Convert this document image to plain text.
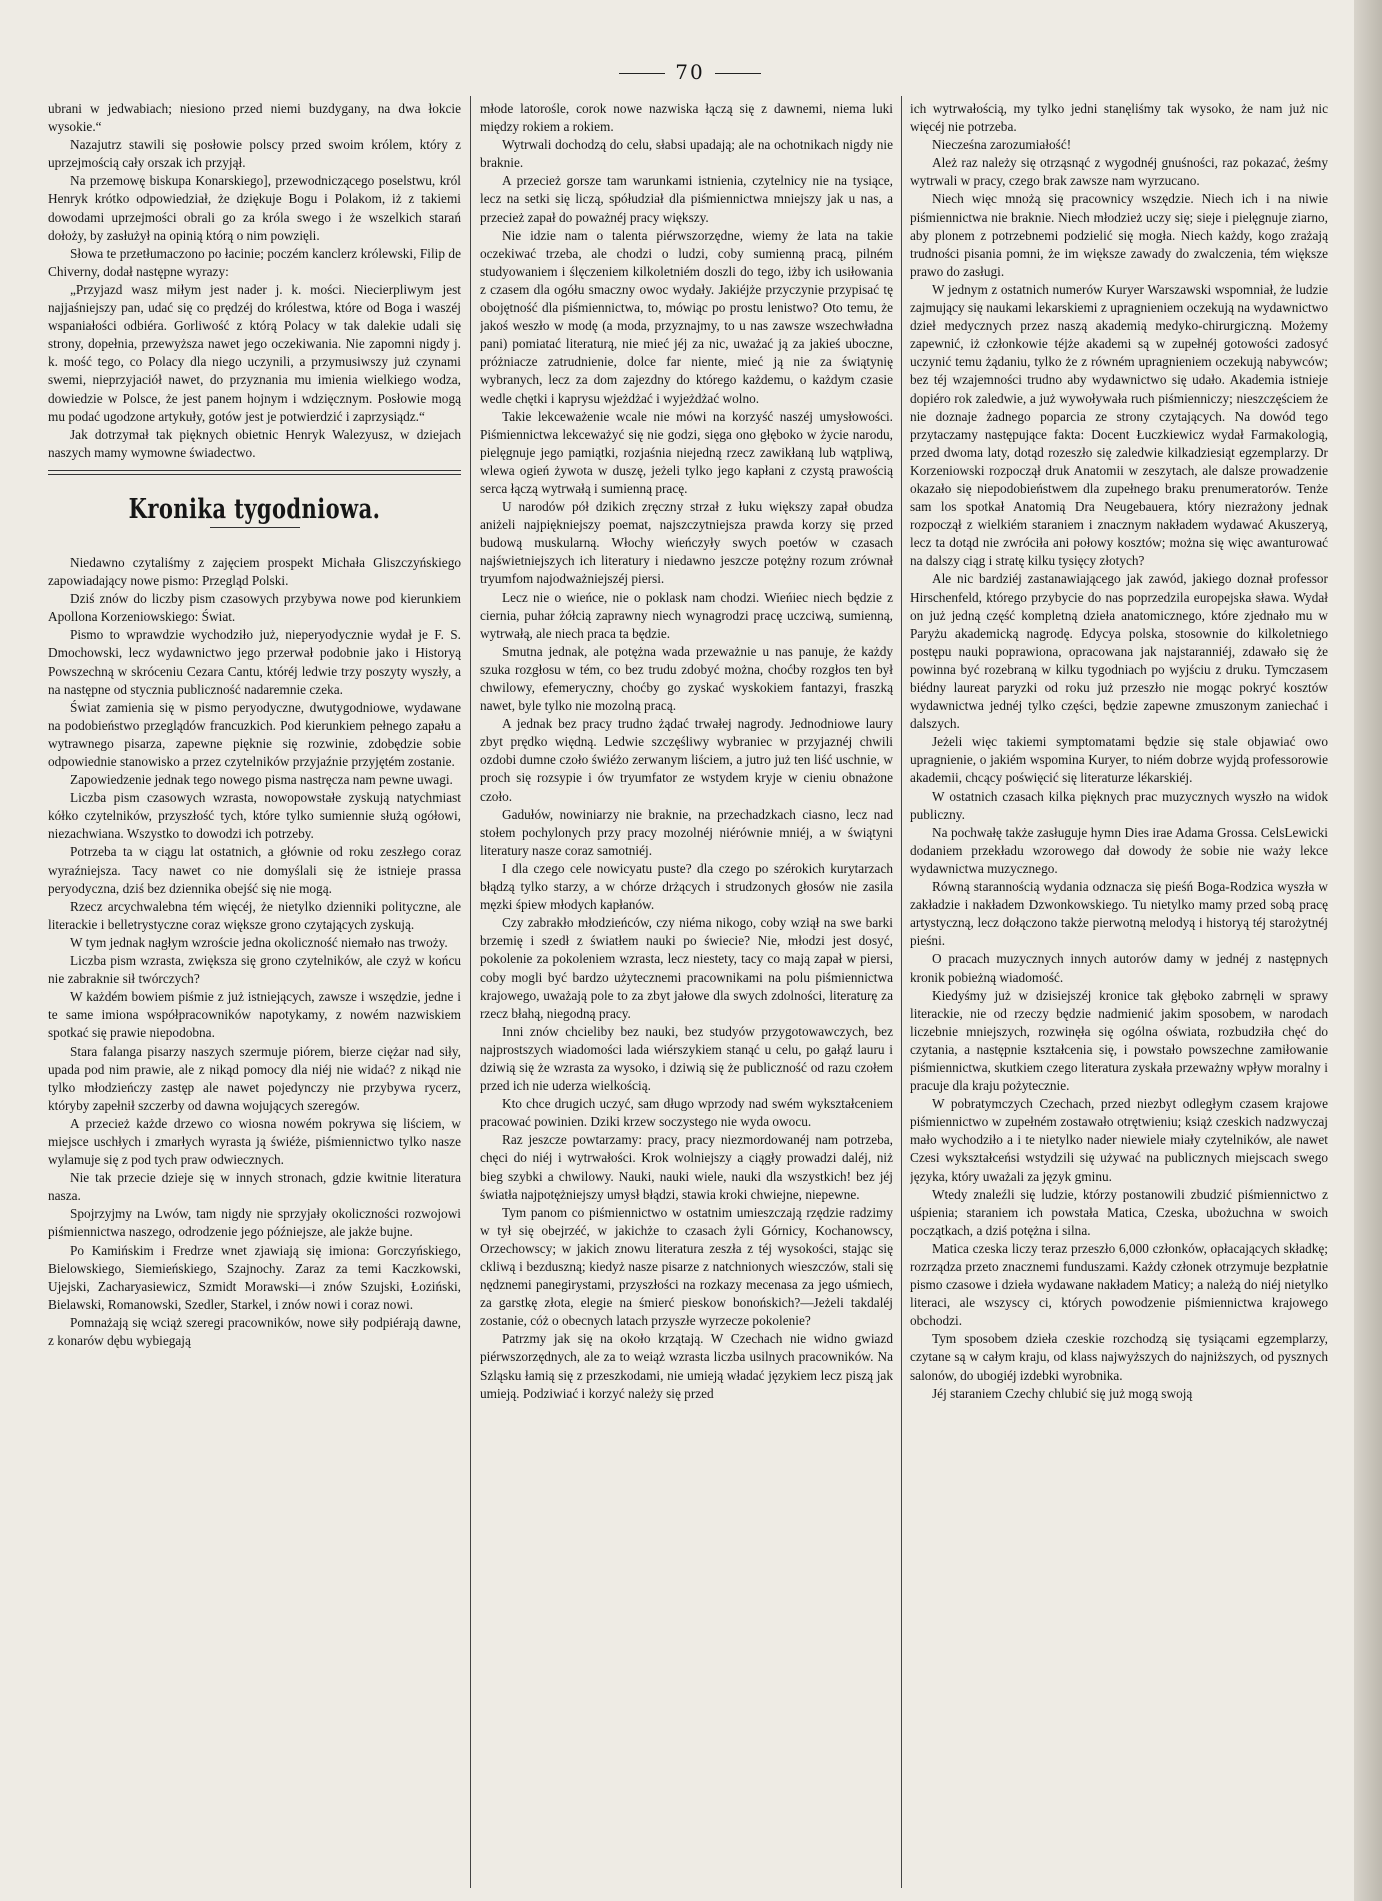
70

ubrani w jedwabiach; niesiono przed niemi buzdygany, na dwa łokcie wysokie.“

Nazajutrz stawili się posłowie polscy przed swoim królem, który z uprzejmością cały orszak ich przyjął.

Na przemowę biskupa Konarskiego], przewodniczącego poselstwu, król Henryk krótko odpowiedział, że dziękuje Bogu i Polakom, iż z takiemi dowodami uprzejmości obrali go za króla swego i że wszelkich starań dołoży, by zasłużył na opinią którą o nim powzięli.

Słowa te przetłumaczono po łacinie; poczém kanclerz królewski, Filip de Chiverny, dodał następne wyrazy:

„Przyjazd wasz miłym jest nader j. k. mości. Niecierpliwym jest najjaśniejszy pan, udać się co prędzéj do królestwa, które od Boga i waszéj wspaniałości odbiéra. Gorliwość z którą Polacy w tak dalekie udali się strony, dopełnia, przewyższa nawet jego oczekiwania. Nie zapomni nigdy j. k. mość tego, co Polacy dla niego uczynili, a przymusiwszy już czynami swemi, nieprzyjaciół nawet, do przyznania mu imienia wielkiego wodza, dowiedzie w Polsce, że jest panem hojnym i wdzięcznym. Posłowie mogą mu podać ugodzone artykuły, gotów jest je potwierdzić i zaprzysiądz.“

Jak dotrzymał tak pięknych obietnic Henryk Walezyusz, w dziejach naszych mamy wymowne świadectwo.

Kronika tygodniowa.

Niedawno czytaliśmy z zajęciem prospekt Michała Gliszczyńskiego zapowiadający nowe pismo: Przegląd Polski.

Dziś znów do liczby pism czasowych przybywa nowe pod kierunkiem Apollona Korzeniowskiego: Świat.

Pismo to wprawdzie wychodziło już, nieperyodycznie wydał je F. S. Dmochowski, lecz wydawnictwo jego przerwał podobnie jako i Historyą Powszechną w skróceniu Cezara Cantu, któréj ledwie trzy poszyty wyszły, a na następne od stycznia publiczność nadaremnie czeka.

Świat zamienia się w pismo peryodyczne, dwutygodniowe, wydawane na podobieństwo przeglądów francuzkich. Pod kierunkiem pełnego zapału a wytrawnego pisarza, zapewne pięknie się rozwinie, zdobędzie sobie odpowiednie stanowisko a przez czytelników przyjaźnie przyjętém zostanie.

Zapowiedzenie jednak tego nowego pisma nastręcza nam pewne uwagi.

Liczba pism czasowych wzrasta, nowopowstałe zyskują natychmiast kółko czytelników, przyszłość tych, które tylko sumiennie służą ogółowi, niezachwiana. Wszystko to dowodzi ich potrzeby.

Potrzeba ta w ciągu lat ostatnich, a głównie od roku zeszłego coraz wyraźniejsza. Tacy nawet co nie domyślali się że istnieje prassa peryodyczna, dziś bez dziennika obejść się nie mogą.

Rzecz arcychwalebna tém więcéj, że nietylko dzienniki polityczne, ale literackie i belletrystyczne coraz większe grono czytających zyskują.

W tym jednak nagłym wzroście jedna okoliczność niemało nas trwoży.

Liczba pism wzrasta, zwiększa się grono czytelników, ale czyż w końcu nie zabraknie sił twórczych?

W każdém bowiem piśmie z już istniejących, zawsze i wszędzie, jedne i te same imiona współpracowników napotykamy, z nowém nazwiskiem spotkać się prawie niepodobna.

Stara falanga pisarzy naszych szermuje piórem, bierze ciężar nad siły, upada pod nim prawie, ale z nikąd pomocy dla niéj nie widać? z nikąd nie tylko młodzieńczy zastęp ale nawet pojedynczy nie przybywa rycerz, któryby zapełnił szczerby od dawna wojujących szeregów.

A przecież każde drzewo co wiosna nowém pokrywa się liściem, w miejsce uschłych i zmarłych wyrasta ją świéże, piśmiennictwo tylko nasze wylamuje się z pod tych praw odwiecznych.

Nie tak przecie dzieje się w innych stronach, gdzie kwitnie literatura nasza.

Spojrzyjmy na Lwów, tam nigdy nie sprzyjały okoliczności rozwojowi piśmiennictwa naszego, odrodzenie jego późniejsze, ale jakże bujne.

Po Kamińskim i Fredrze wnet zjawiają się imiona: Gorczyńskiego, Bielowskiego, Siemieńskiego, Szajnochy. Zaraz za temi Kaczkowski, Ujejski, Zacharyasiewicz, Szmidt Morawski—i znów Szujski, Łoziński, Bielawski, Romanowski, Szedler, Starkel, i znów nowi i coraz nowi.

Pomnażają się wciąż szeregi pracowników, nowe siły podpiérają dawne, z konarów dębu wybiegają

młode latorośle, corok nowe nazwiska łączą się z dawnemi, niema luki między rokiem a rokiem.

Wytrwali dochodzą do celu, słabsi upadają; ale na ochotnikach nigdy nie braknie.

A przecież gorsze tam warunkami istnienia, czytelnicy nie na tysiące, lecz na setki się liczą, spółudział dla piśmiennictwa mniejszy jak u nas, a przecież zapał do poważnéj pracy większy.

Nie idzie nam o talenta piérwszorzędne, wiemy że lata na takie oczekiwać trzeba, ale chodzi o ludzi, coby sumienną pracą, pilném studyowaniem i ślęczeniem kilkoletniém doszli do tego, iżby ich usiłowania z czasem dla ogółu smaczny owoc wydały. Jakiéjże przyczynie przypisać tę obojętność dla piśmiennictwa, to, mówiąc po prostu lenistwo? Oto temu, że jakoś weszło w modę (a moda, przyznajmy, to u nas zawsze wszechwładna pani) pomiatać literaturą, nie mieć jéj za nic, uważać ją za jakieś uboczne, próżniacze zatrudnienie, dolce far niente, mieć ją nie za świątynię wybranych, lecz za dom zajezdny do którego każdemu, o każdym czasie wedle chętki i kaprysu wjeżdżać i wyjeżdżać wolno.

Takie lekceważenie wcale nie mówi na korzyść naszéj umysłowości. Piśmiennictwa lekceważyć się nie godzi, sięga ono głęboko w życie narodu, pielęgnuje jego pamiątki, rozjaśnia niejedną rzecz zawikłaną lub wątpliwą, wlewa ogień żywota w duszę, jeżeli tylko jego kapłani z czystą prawością serca łączą wytrwałą i sumienną pracę.

U narodów pół dzikich zręczny strzał z łuku większy zapał obudza aniżeli najpiękniejszy poemat, najszczytniejsza prawda korzy się przed budową muskularną. Włochy wieńczyły swych poetów w czasach najświetniejszych ich literatury i niedawno jeszcze potężny rozum zrównał tryumfom najodważniejszéj piersi.

Lecz nie o wieńce, nie o poklask nam chodzi. Wieńiec niech będzie z ciernia, puhar żółcią zaprawny niech wynagrodzi pracę uczciwą, sumienną, wytrwałą, ale niech praca ta będzie.

Smutna jednak, ale potężna wada przeważnie u nas panuje, że każdy szuka rozgłosu w tém, co bez trudu zdobyć można, choćby rozgłos ten był chwilowy, efemeryczny, choćby go zyskać wyskokiem fantazyi, fraszką nawet, byle tylko nie mozolną pracą.

A jednak bez pracy trudno żądać trwałej nagrody. Jednodniowe laury zbyt prędko więdną. Ledwie szczęśliwy wybraniec w przyjaznéj chwili ozdobi dumne czoło świéżo zerwanym liściem, a jutro już ten liść uschnie, w proch się rozsypie i ów tryumfator ze wstydem kryje w cieniu obnażone czoło.

Gadułów, nowiniarzy nie braknie, na przechadzkach ciasno, lecz nad stołem pochylonych przy pracy mozolnéj niérównie mniéj, a w świątyni literatury nasze coraz samotniéj.

I dla czego cele nowicyatu puste? dla czego po szérokich kurytarzach błądzą tylko starzy, a w chórze drżących i strudzonych głosów nie zasila męzki śpiew młodych kapłanów.

Czy zabrakło młodzieńców, czy niéma nikogo, coby wziął na swe barki brzemię i szedł z światłem nauki po świecie? Nie, młodzi jest dosyć, pokolenie za pokoleniem wzrasta, lecz niestety, tacy co mają zapał w piersi, coby mogli być bardzo użytecznemi pracownikami na polu piśmiennictwa krajowego, uważają pole to za zbyt jałowe dla swych zdolności, literaturę za rzecz błahą, niegodną pracy.

Inni znów chcieliby bez nauki, bez studyów przygotowawczych, bez najprostszych wiadomości lada wiérszykiem stanąć u celu, po gałąź lauru i dziwią się że wzrasta za wysoko, i dziwią się że publiczność od razu czołem przed ich nie uderza wielkością.

Kto chce drugich uczyć, sam długo wprzody nad swém wykształceniem pracować powinien. Dziki krzew soczystego nie wyda owocu.

Raz jeszcze powtarzamy: pracy, pracy niezmordowanéj nam potrzeba, chęci do niéj i wytrwałości. Krok wolniejszy a ciągły prowadzi daléj, niż bieg szybki a chwilowy. Nauki, nauki wiele, nauki dla wszystkich! bez jéj światła najpotężniejszy umysł błądzi, stawia kroki chwiejne, niepewne.

Tym panom co piśmiennictwo w ostatnim umieszczają rzędzie radzimy w tył się obejrzéć, w jakichże to czasach żyli Górnicy, Kochanowscy, Orzechowscy; w jakich znowu literatura zeszła z téj wysokości, stając się ckliwą i bezduszną; kiedyż nasze pisarze z natchnionych wieszczów, stali się nędznemi panegirystami, przyszłości na rozkazy mecenasa za jego uśmiech, za garstkę złota, elegie na śmierć pieskow bonońskich?—Jeżeli takdaléj zostanie, cóż o obecnych latach przyszłe wyrzecze pokolenie?

Patrzmy jak się na około krzątają. W Czechach nie widno gwiazd piérwszorzędnych, ale za to weiąż wzrasta liczba usilnych pracowników. Na Szląsku łamią się z przeszkodami, nie umieją władać językiem lecz piszą jak umieją. Podziwiać i korzyć należy się przed

ich wytrwałością, my tylko jedni stanęliśmy tak wysoko, że nam już nic więcéj nie potrzeba.

Niecześna zarozumiałość!

Ależ raz należy się otrząsnąć z wygodnéj gnuśności, raz pokazać, żeśmy wytrwali w pracy, czego brak zawsze nam wyrzucano.

Niech więc mnożą się pracownicy wszędzie. Niech ich i na niwie piśmiennictwa nie braknie. Niech młodzież uczy się; sieje i pielęgnuje ziarno, aby plonem z potrzebnemi podzielić się mogła. Niech każdy, kogo zrażają trudności pisania pomni, że im większe zawady do zwalczenia, tém większe prawo do zasługi.

W jednym z ostatnich numerów Kuryer Warszawski wspomniał, że ludzie zajmujący się naukami lekarskiemi z upragnieniem oczekują na wydawnictwo dzieł medycznych przez naszą akademią medyko-chirurgiczną. Możemy zapewnić, iż członkowie téjże akademi są w zupełnéj gotowości zadosyć uczynić temu żądaniu, tylko że z równém upragnieniem oczekują nabywców; bez téj wzajemności trudno aby wydawnictwo się udało. Akademia istnieje dopiéro rok zaledwie, a już wywoływała ruch piśmienniczy; nieszczęściem że nie doznaje żadnego poparcia ze strony czytających. Na dowód tego przytaczamy następujące fakta: Docent Łuczkiewicz wydał Farmakologią, przed dwoma laty, dotąd rozeszło się zaledwie kilkadziesiąt egzemplarzy. Dr Korzeniowski rozpoczął druk Anatomii w zeszytach, ale dalsze prowadzenie okazało się niepodobieństwem dla zupełnego braku prenumeratorów. Tenże sam los spotkał Anatomią Dra Neugebauera, który niezrażony jednak rozpoczął z wielkiém staraniem i znacznym nakładem wydawać Akuszeryą, lecz ta dotąd nie zwróciła ani połowy kosztów; można się więc awanturować na dalszy ciąg i stratę kilku tysięcy złotych?

Ale nic bardziéj zastanawiającego jak zawód, jakiego doznał professor Hirschenfeld, którego przybycie do nas poprzedzila europejska sława. Wydał on już jedną część kompletną dzieła anatomicznego, które zjednało mu w Paryżu akademicką nagrodę. Edycya polska, stosownie do kilkoletniego postępu nauki poprawiona, opracowana jak najstaranniéj, zdawało się że powinna być rozebraną w kilku tygodniach po wyjściu z druku. Tymczasem biédny laureat paryzki od roku już przeszło nie mogąc pokryć kosztów wydawnictwa jednéj tylko części, będzie zapewne zmuszonym zaniechać i dalszych.

Jeżeli więc takiemi symptomatami będzie się stale objawiać owo upragnienie, o jakiém wspomina Kuryer, to niém dobrze wyjdą professorowie akademii, chcący poświęcić się literaturze lékarskiéj.

W ostatnich czasach kilka pięknych prac muzycznych wyszło na widok publiczny.

Na pochwałę także zasługuje hymn Dies irae Adama Grossa. CelsLewicki dodaniem przekładu wzorowego dał dowody że sobie nie waży lekce wydawnictwa muzycznego.

Równą starannością wydania odznacza się pieśń Boga-Rodzica wyszła w zakładzie i nakładem Dzwonkowskiego. Tu nietylko mamy przed sobą pracę artystyczną, lecz dołączono także pierwotną melodyą i historyą téj starożytnéj pieśni.

O pracach muzycznych innych autorów damy w jednéj z następnych kronik pobieżną wiadomość.

Kiedyśmy już w dzisiejszéj kronice tak głęboko zabrnęli w sprawy literackie, nie od rzeczy będzie nadmienić jakim sposobem, w narodach liczebnie mniejszych, rozwinęła się ogólna oświata, rozbudziła chęć do czytania, a następnie kształcenia się, i powstało powszechne zamiłowanie piśmiennictwa, skutkiem czego literatura zyskała przeważny wpływ moralny i pracuje dla kraju pożytecznie.

W pobratymczych Czechach, przed niezbyt odległym czasem krajowe piśmiennictwo w zupełném zostawało otrętwieniu; książ czeskich nadzwyczaj mało wychodziło a i te nietylko nader niewiele miały czytelników, ale nawet Czesi wykształceńsi wstydzili się używać na publicznych miejscach swego języka, który uważali za język gminu.

Wtedy znaleźli się ludzie, którzy postanowili zbudzić piśmiennictwo z uśpienia; staraniem ich powstała Matica, Czeska, ubożuchna w swoich początkach, a dziś potężna i silna.

Matica czeska liczy teraz przeszło 6,000 członków, opłacających składkę; rozrządza przeto znacznemi funduszami. Każdy członek otrzymuje bezpłatnie pismo czasowe i dzieła wydawane nakładem Maticy; a należą do niéj nietylko literaci, ale wszyscy ci, których powodzenie piśmiennictwa krajowego obchodzi.

Tym sposobem dzieła czeskie rozchodzą się tysiącami egzemplarzy, czytane są w całym kraju, od klass najwyższych do najniższych, od pysznych salonów, do ubogiéj izdebki wyrobnika.

Jéj staraniem Czechy chlubić się już mogą swoją
